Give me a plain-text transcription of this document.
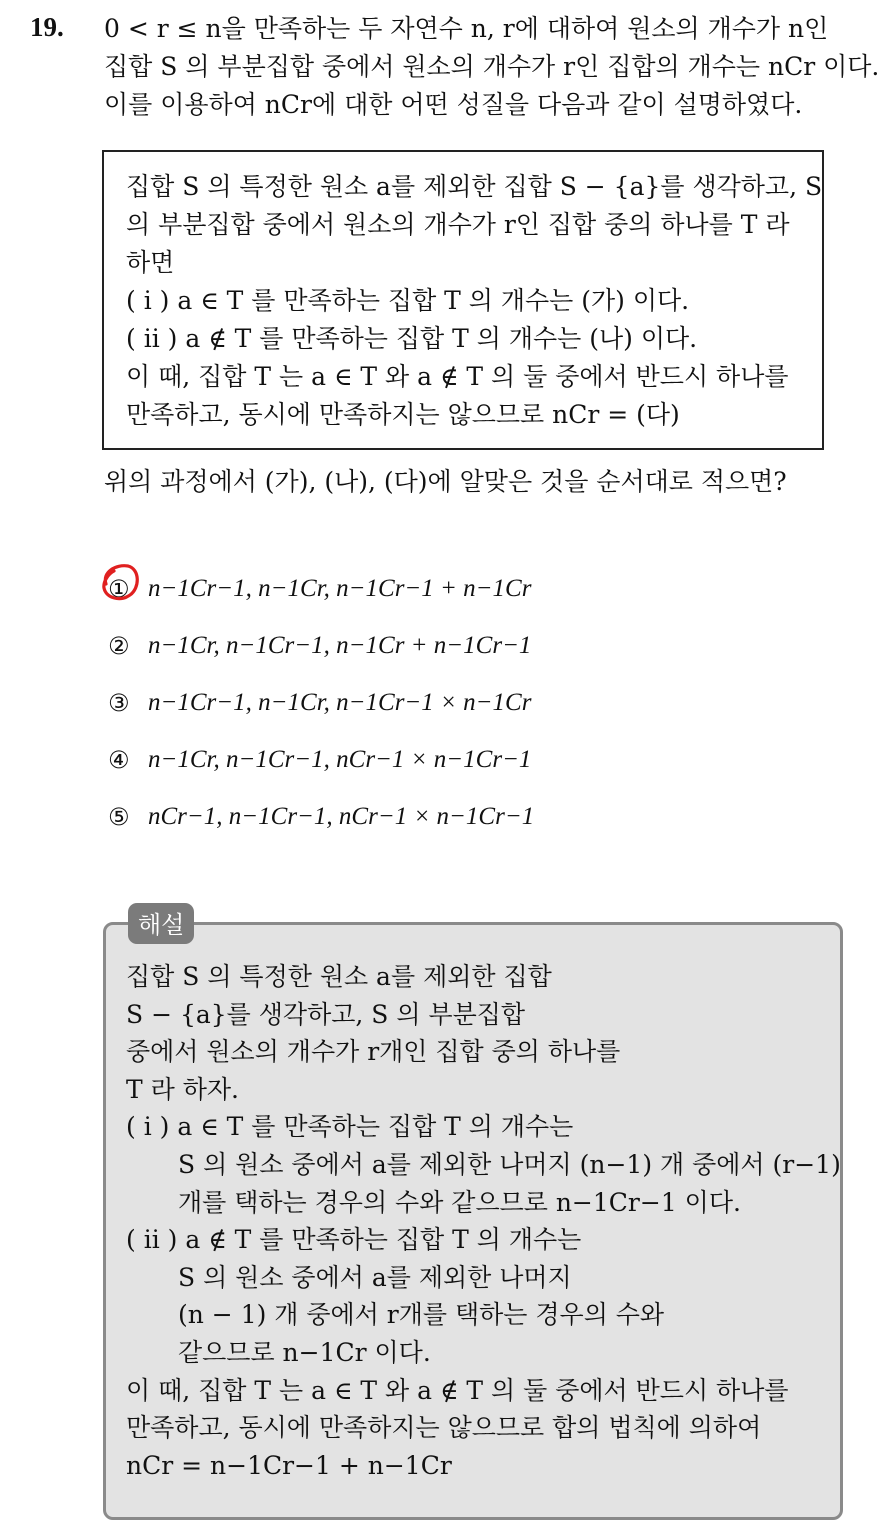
19. 0 < r ≤ n을 만족하는 두 자연수 n, r에 대하여 원소의 개수가 n인
집합 S 의 부분집합 중에서 원소의 개수가 r인 집합의 개수는 nCr 이다.
이를 이용하여 nCr에 대한 어떤 성질을 다음과 같이 설명하였다.
집합 S 의 특정한 원소 a를 제외한 집합 S − {a}를 생각하고, S
의 부분집합 중에서 원소의 개수가 r인 집합 중의 하나를 T 라
하면
( i ) a ∈ T 를 만족하는 집합 T 의 개수는 (가) 이다.
( ii ) a ∉ T 를 만족하는 집합 T 의 개수는 (나) 이다.
이 때, 집합 T 는 a ∈ T 와 a ∉ T 의 둘 중에서 반드시 하나를
만족하고, 동시에 만족하지는 않으므로 nCr = (다)
위의 과정에서 (가), (나), (다)에 알맞은 것을 순서대로 적으면?
① n−1Cr−1, n−1Cr, n−1Cr−1 + n−1Cr
② n−1Cr, n−1Cr−1, n−1Cr + n−1Cr−1
③ n−1Cr−1, n−1Cr, n−1Cr−1 × n−1Cr
④ n−1Cr, n−1Cr−1, nCr−1 × n−1Cr−1
⑤ nCr−1, n−1Cr−1, nCr−1 × n−1Cr−1
해설
집합 S 의 특정한 원소 a를 제외한 집합
S − {a}를 생각하고, S 의 부분집합
중에서 원소의 개수가 r개인 집합 중의 하나를
T 라 하자.
( i ) a ∈ T 를 만족하는 집합 T 의 개수는
S 의 원소 중에서 a를 제외한 나머지 (n−1) 개 중에서 (r−1)
개를 택하는 경우의 수와 같으므로 n−1Cr−1 이다.
( ii ) a ∉ T 를 만족하는 집합 T 의 개수는
S 의 원소 중에서 a를 제외한 나머지
(n − 1) 개 중에서 r개를 택하는 경우의 수와
같으므로 n−1Cr 이다.
이 때, 집합 T 는 a ∈ T 와 a ∉ T 의 둘 중에서 반드시 하나를
만족하고, 동시에 만족하지는 않으므로 합의 법칙에 의하여
nCr = n−1Cr−1 + n−1Cr
